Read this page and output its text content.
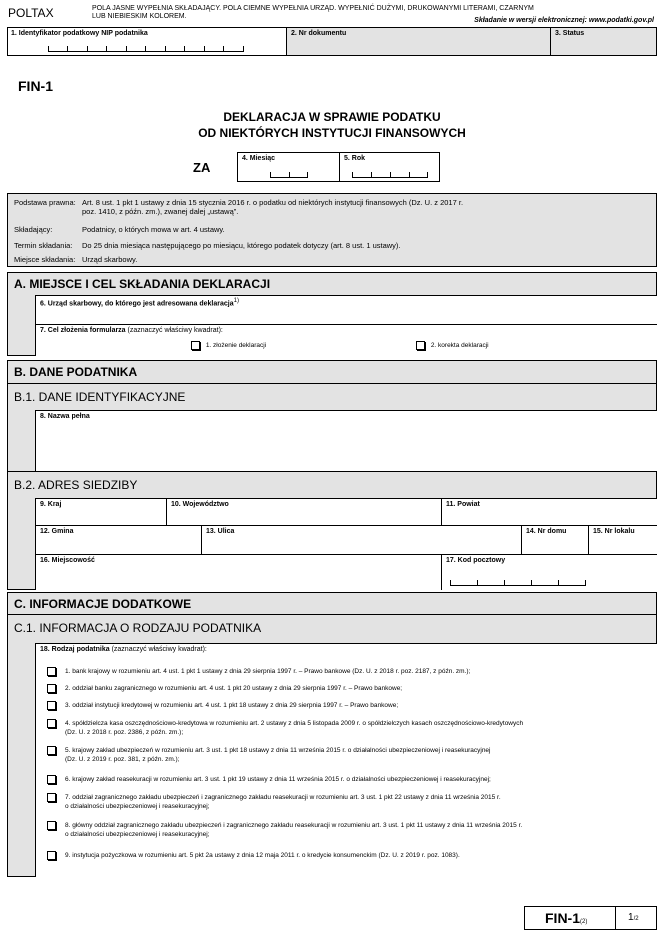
POLTAX	POLA JASNE WYPEŁNIA SKŁADAJĄCY. POLA CIEMNE WYPEŁNIA URZĄD. WYPEŁNIĆ DUŻYMI, DRUKOWANYMI LITERAMI, CZARNYM
LUB NIEBIESKIM KOLOREM.
Składanie w wersji elektronicznej: www.podatki.gov.pl
1. Identyfikator podatkowy NIP podatnika	2. Nr dokumentu	3. Status
FIN-1
DEKLARACJA W SPRAWIE PODATKU
OD NIEKTÓRYCH INSTYTUCJI FINANSOWYCH
ZA
4. Miesiąc	5. Rok
Podstawa prawna: Art. 8 ust. 1 pkt 1 ustawy z dnia 15 stycznia 2016 r. o podatku od niektórych instytucji finansowych (Dz. U. z 2017 r.
poz. 1410, z późn. zm.), zwanej dalej „ustawą”.
Składający:	Podatnicy, o których mowa w art. 4 ustawy.
Termin składania: Do 25 dnia miesiąca następującego po miesiącu, którego podatek dotyczy (art. 8 ust. 1 ustawy).
Miejsce składania: Urząd skarbowy.
A. MIEJSCE I CEL SKŁADANIA DEKLARACJI
6. Urząd skarbowy, do którego jest adresowana deklaracja$^{1)}$
7. Cel złożenia formularza (zaznaczyć właściwy kwadrat):
1. złożenie deklaracji	2. korekta deklaracji
B. DANE PODATNIKA
B.1. DANE IDENTYFIKACYJNE
8. Nazwa pełna
B.2. ADRES SIEDZIBY
9. Kraj	10. Województwo	11. Powiat
12. Gmina	13. Ulica	14. Nr domu	15. Nr lokalu
16. Miejscowość	17. Kod pocztowy
C. INFORMACJE DODATKOWE
C.1. INFORMACJA O RODZAJU PODATNIKA
18. Rodzaj podatnika (zaznaczyć właściwy kwadrat):
1. bank krajowy w rozumieniu art. 4 ust. 1 pkt 1 ustawy z dnia 29 sierpnia 1997 r. – Prawo bankowe (Dz. U. z 2018 r. poz. 2187, z późn. zm.);
2. oddział banku zagranicznego w rozumieniu art. 4 ust. 1 pkt 20 ustawy z dnia 29 sierpnia 1997 r. – Prawo bankowe;
3. oddział instytucji kredytowej w rozumieniu art. 4 ust. 1 pkt 18 ustawy z dnia 29 sierpnia 1997 r. – Prawo bankowe;
4. spółdzielcza kasa oszczędnościowo-kredytowa w rozumieniu art. 2 ustawy z dnia 5 listopada 2009 r. o spółdzielczych kasach oszczędnościowo-kredytowych
(Dz. U. z 2018 r. poz. 2386, z późn. zm.);
5. krajowy zakład ubezpieczeń w rozumieniu art. 3 ust. 1 pkt 18 ustawy z dnia 11 września 2015 r. o działalności ubezpieczeniowej i reasekuracyjnej
(Dz. U. z 2019 r. poz. 381, z późn. zm.);
6. krajowy zakład reasekuracji w rozumieniu art. 3 ust. 1 pkt 19 ustawy z dnia 11 września 2015 r. o działalności ubezpieczeniowej i reasekuracyjnej;
7. oddział zagranicznego zakładu ubezpieczeń i zagranicznego zakładu reasekuracji w rozumieniu art. 3 ust. 1 pkt 22 ustawy z dnia 11 września 2015 r.
o działalności ubezpieczeniowej i reasekuracyjnej;
8. główny oddział zagranicznego zakładu ubezpieczeń i zagranicznego zakładu reasekuracji w rozumieniu art. 3 ust. 1 pkt 11 ustawy z dnia 11 września 2015 r.
o działalności ubezpieczeniowej i reasekuracyjnej;
9. instytucja pożyczkowa w rozumieniu art. 5 pkt 2a ustawy z dnia 12 maja 2011 r. o kredycie konsumenckim (Dz. U. z 2019 r. poz. 1083).
FIN-1(2)	1/2
